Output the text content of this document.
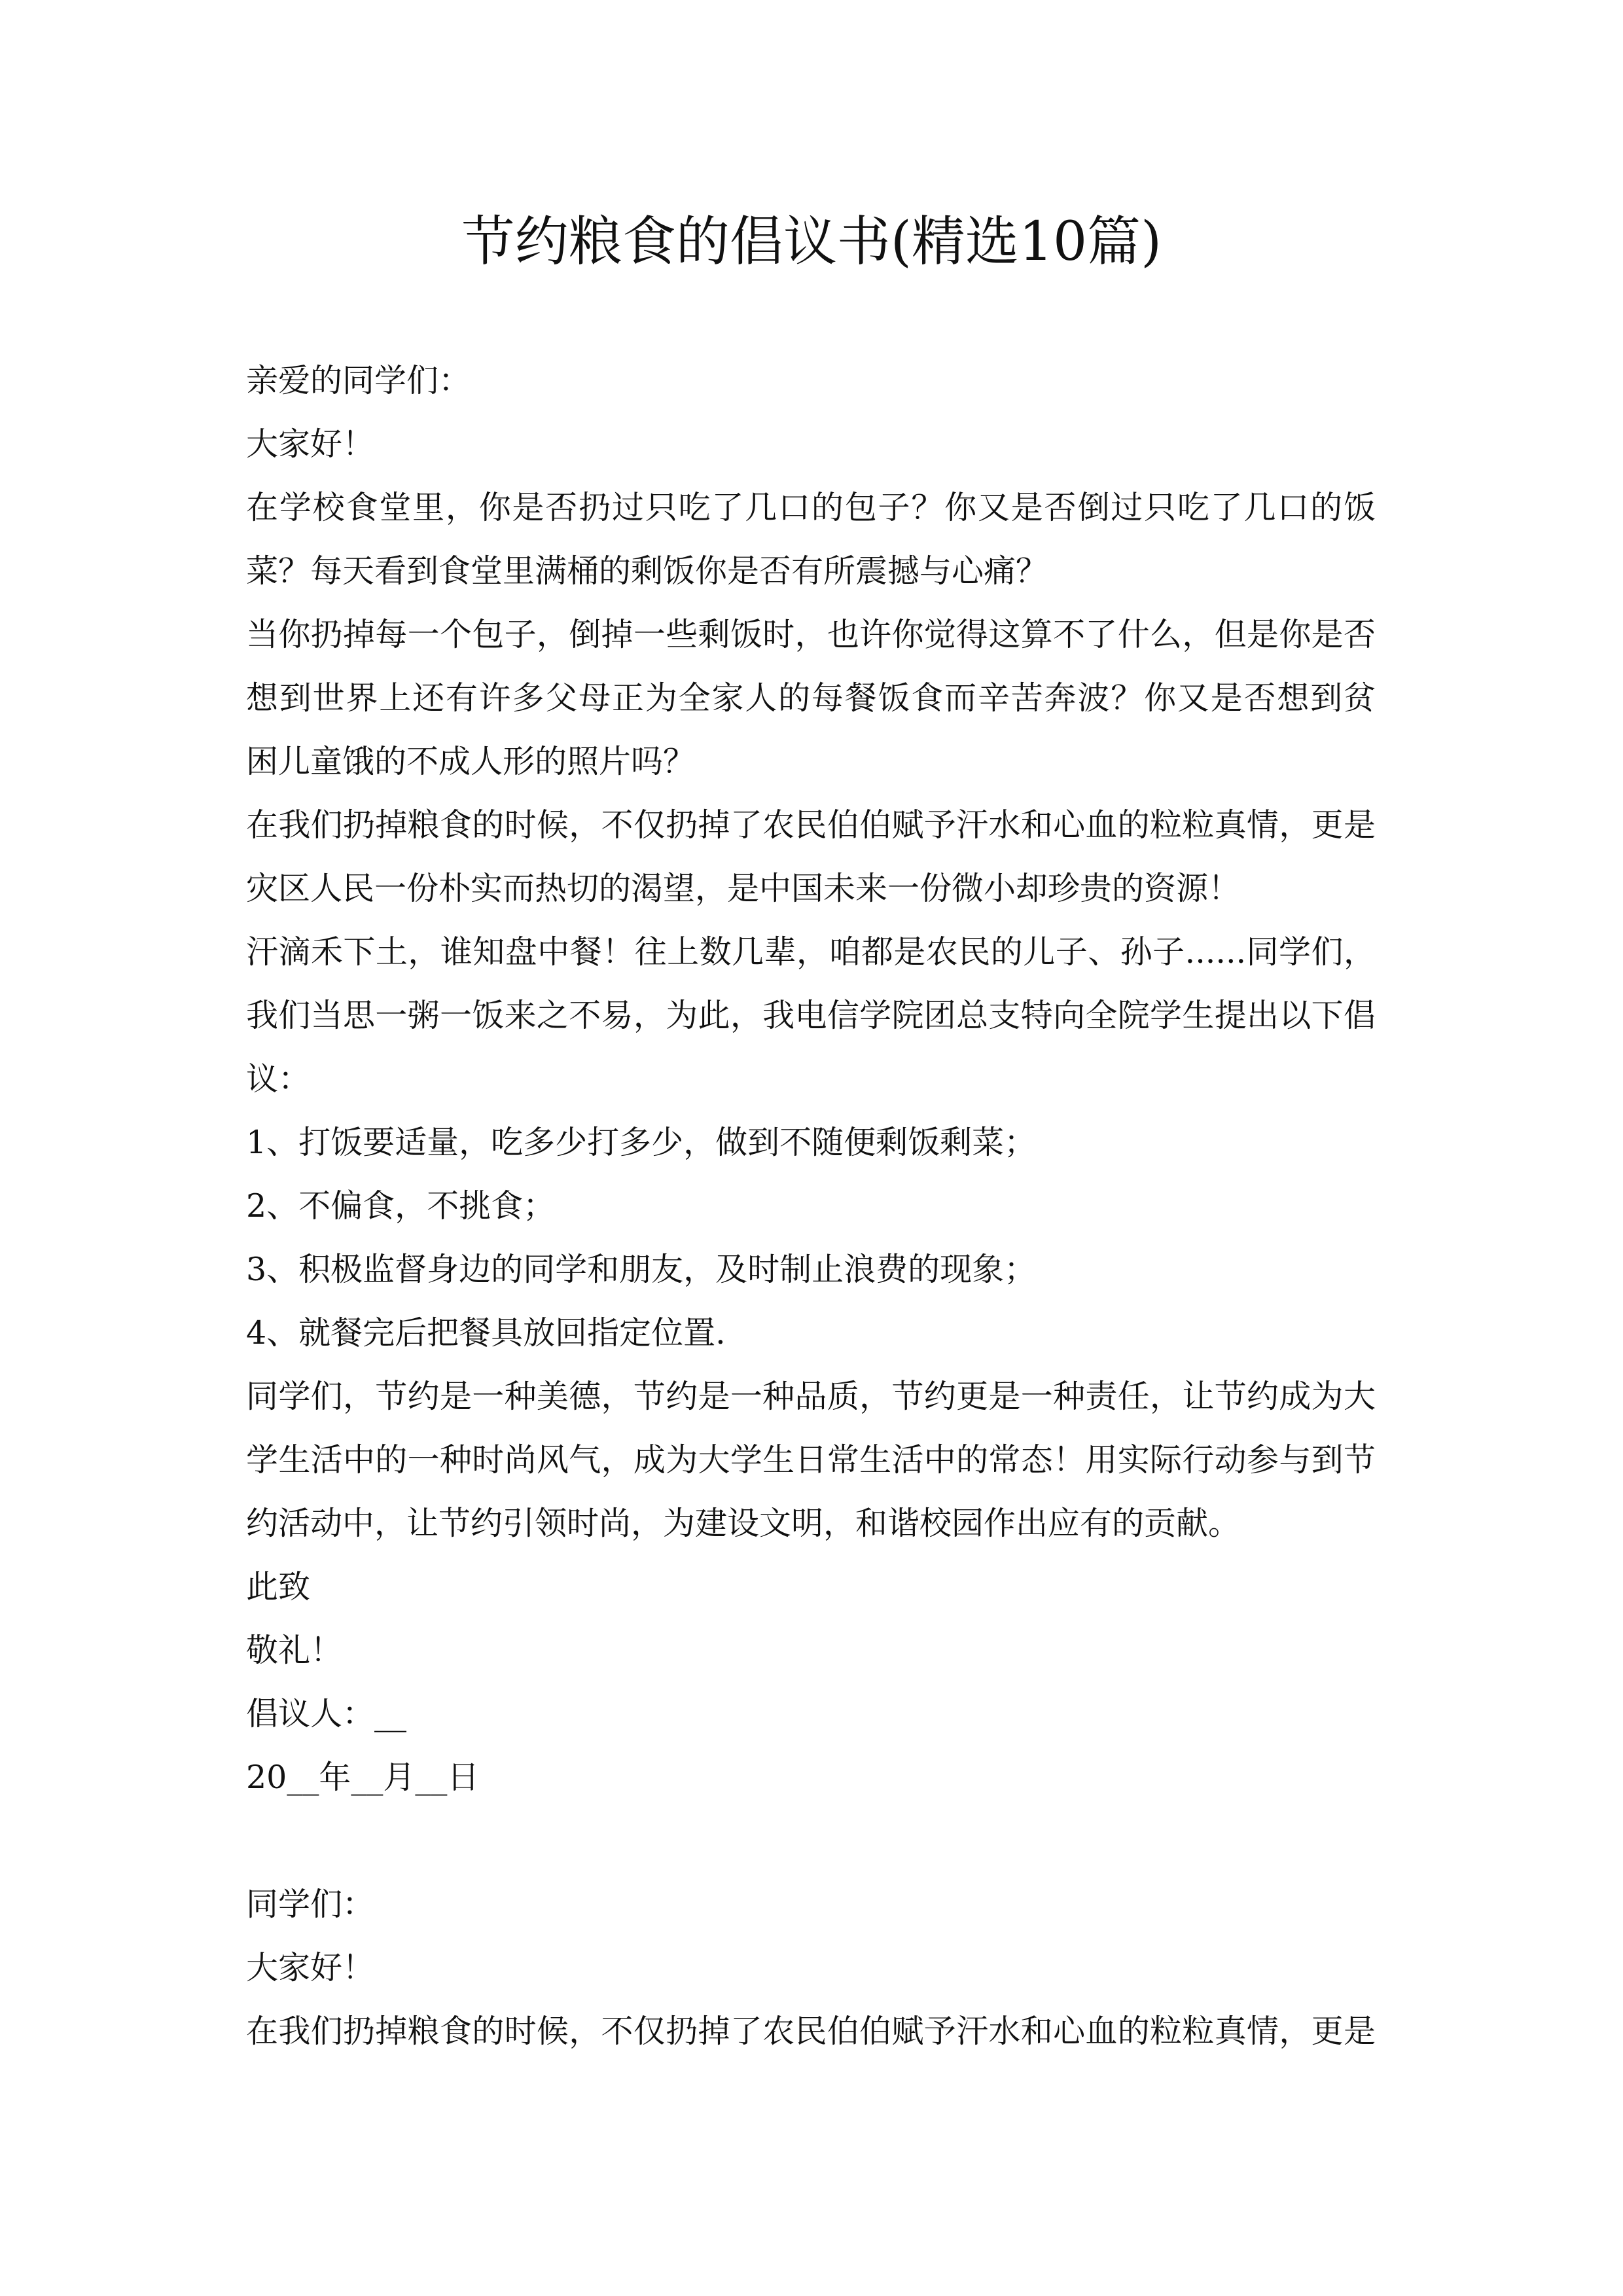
节约粮食的倡议书(精选10篇)
亲爱的同学们：
大家好！
在学校食堂里，你是否扔过只吃了几口的包子？你又是否倒过只吃了几口的饭
菜？每天看到食堂里满桶的剩饭你是否有所震撼与心痛？
当你扔掉每一个包子，倒掉一些剩饭时，也许你觉得这算不了什么，但是你是否
想到世界上还有许多父母正为全家人的每餐饭食而辛苦奔波？你又是否想到贫
困儿童饿的不成人形的照片吗？
在我们扔掉粮食的时候，不仅扔掉了农民伯伯赋予汗水和心血的粒粒真情，更是
灾区人民一份朴实而热切的渴望，是中国未来一份微小却珍贵的资源！
汗滴禾下土，谁知盘中餐！往上数几辈，咱都是农民的儿子、孙子......同学们，
我们当思一粥一饭来之不易，为此，我电信学院团总支特向全院学生提出以下倡
议：
1、打饭要适量，吃多少打多少，做到不随便剩饭剩菜；
2、不偏食，不挑食；
3、积极监督身边的同学和朋友，及时制止浪费的现象；
4、就餐完后把餐具放回指定位置.
同学们，节约是一种美德，节约是一种品质，节约更是一种责任，让节约成为大
学生活中的一种时尚风气，成为大学生日常生活中的常态！用实际行动参与到节
约活动中，让节约引领时尚，为建设文明，和谐校园作出应有的贡献。
此致
敬礼！
倡议人：__
20__年__月__日
同学们：
大家好！
在我们扔掉粮食的时候，不仅扔掉了农民伯伯赋予汗水和心血的粒粒真情，更是
